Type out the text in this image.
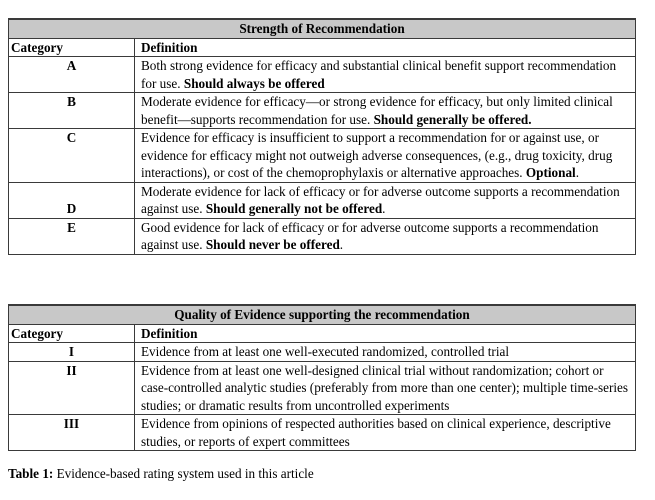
Strength of Recommendation	
Category	Definition
A	Both strong evidence for efficacy and substantial clinical benefit support recommendation for use. Should always be offered
B	Moderate evidence for efficacy—or strong evidence for efficacy, but only limited clinical benefit—supports recommendation for use. Should generally be offered.
C	Evidence for efficacy is insufficient to support a recommendation for or against use, or evidence for efficacy might not outweigh adverse consequences, (e.g., drug toxicity, drug interactions), or cost of the chemoprophylaxis or alternative approaches. Optional.
D	Moderate evidence for lack of efficacy or for adverse outcome supports a recommendation against use. Should generally not be offered.
E	Good evidence for lack of efficacy or for adverse outcome supports a recommendation against use. Should never be offered.
Quality of Evidence supporting the recommendation	
Category	Definition
I	Evidence from at least one well-executed randomized, controlled trial
II	Evidence from at least one well-designed clinical trial without randomization; cohort or case-controlled analytic studies (preferably from more than one center); multiple time-series studies; or dramatic results from uncontrolled experiments
III	Evidence from opinions of respected authorities based on clinical experience, descriptive studies, or reports of expert committees
Table 1: Evidence-based rating system used in this article
